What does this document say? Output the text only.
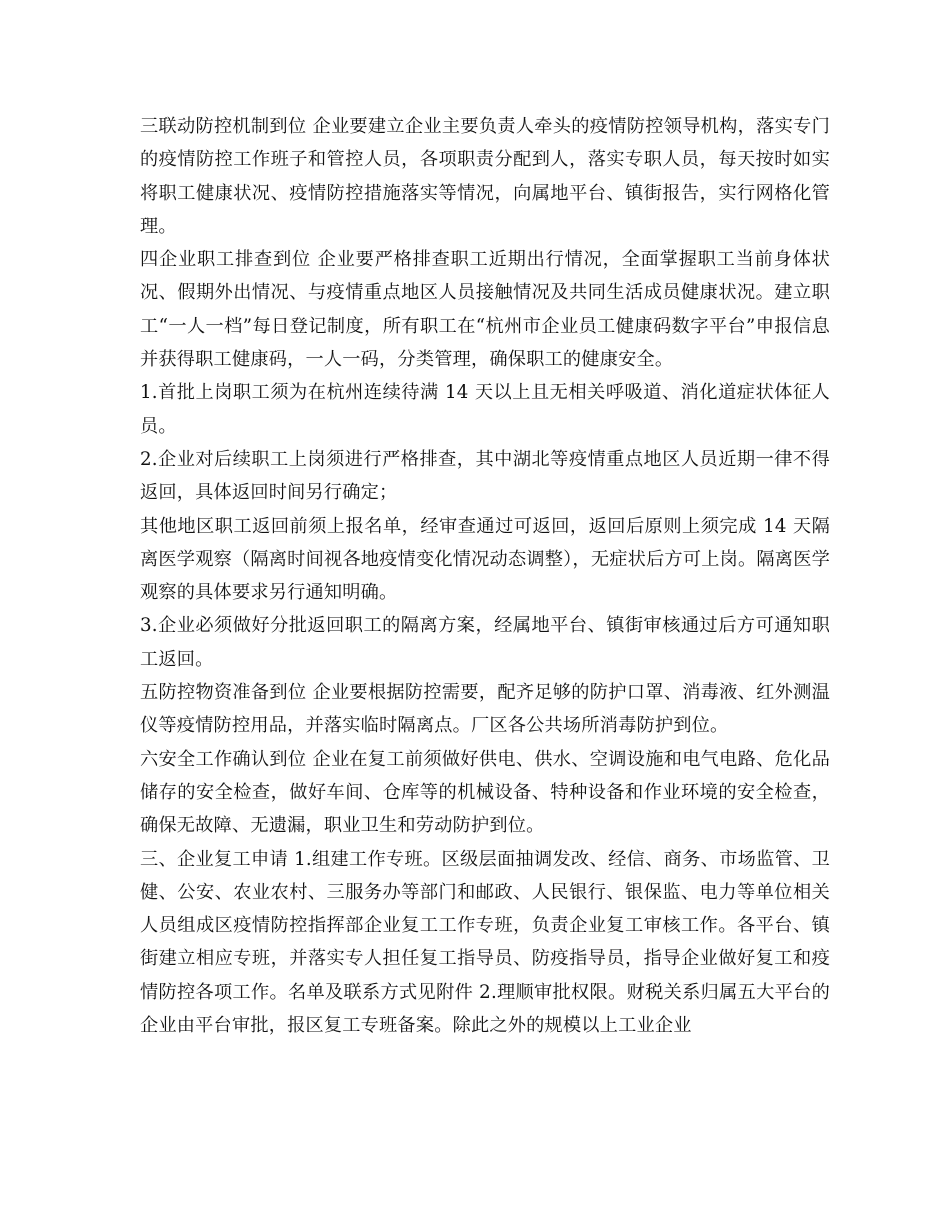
三联动防控机制到位 企业要建立企业主要负责人牵头的疫情防控领导机构，落实专门的疫情防控工作班子和管控人员，各项职责分配到人，落实专职人员，每天按时如实将职工健康状况、疫情防控措施落实等情况，向属地平台、镇街报告，实行网格化管理。

四企业职工排查到位 企业要严格排查职工近期出行情况，全面掌握职工当前身体状况、假期外出情况、与疫情重点地区人员接触情况及共同生活成员健康状况。建立职工“一人一档”每日登记制度，所有职工在“杭州市企业员工健康码数字平台”申报信息并获得职工健康码，一人一码，分类管理，确保职工的健康安全。

1.首批上岗职工须为在杭州连续待满 14 天以上且无相关呼吸道、消化道症状体征人员。

2.企业对后续职工上岗须进行严格排查，其中湖北等疫情重点地区人员近期一律不得返回，具体返回时间另行确定；

其他地区职工返回前须上报名单，经审查通过可返回，返回后原则上须完成 14 天隔离医学观察（隔离时间视各地疫情变化情况动态调整），无症状后方可上岗。隔离医学观察的具体要求另行通知明确。

3.企业必须做好分批返回职工的隔离方案，经属地平台、镇街审核通过后方可通知职工返回。

五防控物资准备到位 企业要根据防控需要，配齐足够的防护口罩、消毒液、红外测温仪等疫情防控用品，并落实临时隔离点。厂区各公共场所消毒防护到位。

六安全工作确认到位 企业在复工前须做好供电、供水、空调设施和电气电路、危化品储存的安全检查，做好车间、仓库等的机械设备、特种设备和作业环境的安全检查，确保无故障、无遗漏，职业卫生和劳动防护到位。

三、企业复工申请 1.组建工作专班。区级层面抽调发改、经信、商务、市场监管、卫健、公安、农业农村、三服务办等部门和邮政、人民银行、银保监、电力等单位相关人员组成区疫情防控指挥部企业复工工作专班，负责企业复工审核工作。各平台、镇街建立相应专班，并落实专人担任复工指导员、防疫指导员，指导企业做好复工和疫情防控各项工作。名单及联系方式见附件 2.理顺审批权限。财税关系归属五大平台的企业由平台审批，报区复工专班备案。除此之外的规模以上工业企业
